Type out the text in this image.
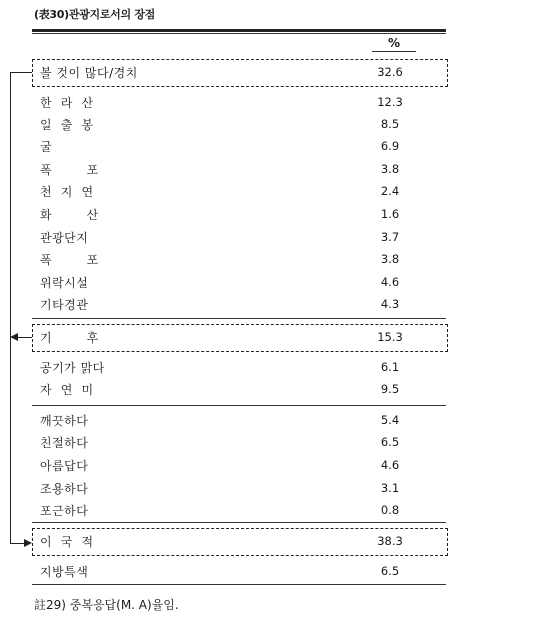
(表30)관광지로서의 장점
%
볼 것이 많다/경치	32.6
한  라  산	12.3
일  출  봉	8.5
굴	6.9
폭        포	3.8
천  지  연	2.4
화        산	1.6
관광단지	3.7
폭        포	3.8
위락시설	4.6
기타경관	4.3
기        후	15.3
공기가 맑다	6.1
자  연  미	9.5
깨끗하다	5.4
친절하다	6.5
아름답다	4.6
조용하다	3.1
포근하다	0.8
이  국  적	38.3
지방특색	6.5
註29) 중복응답(M. A)율임.
